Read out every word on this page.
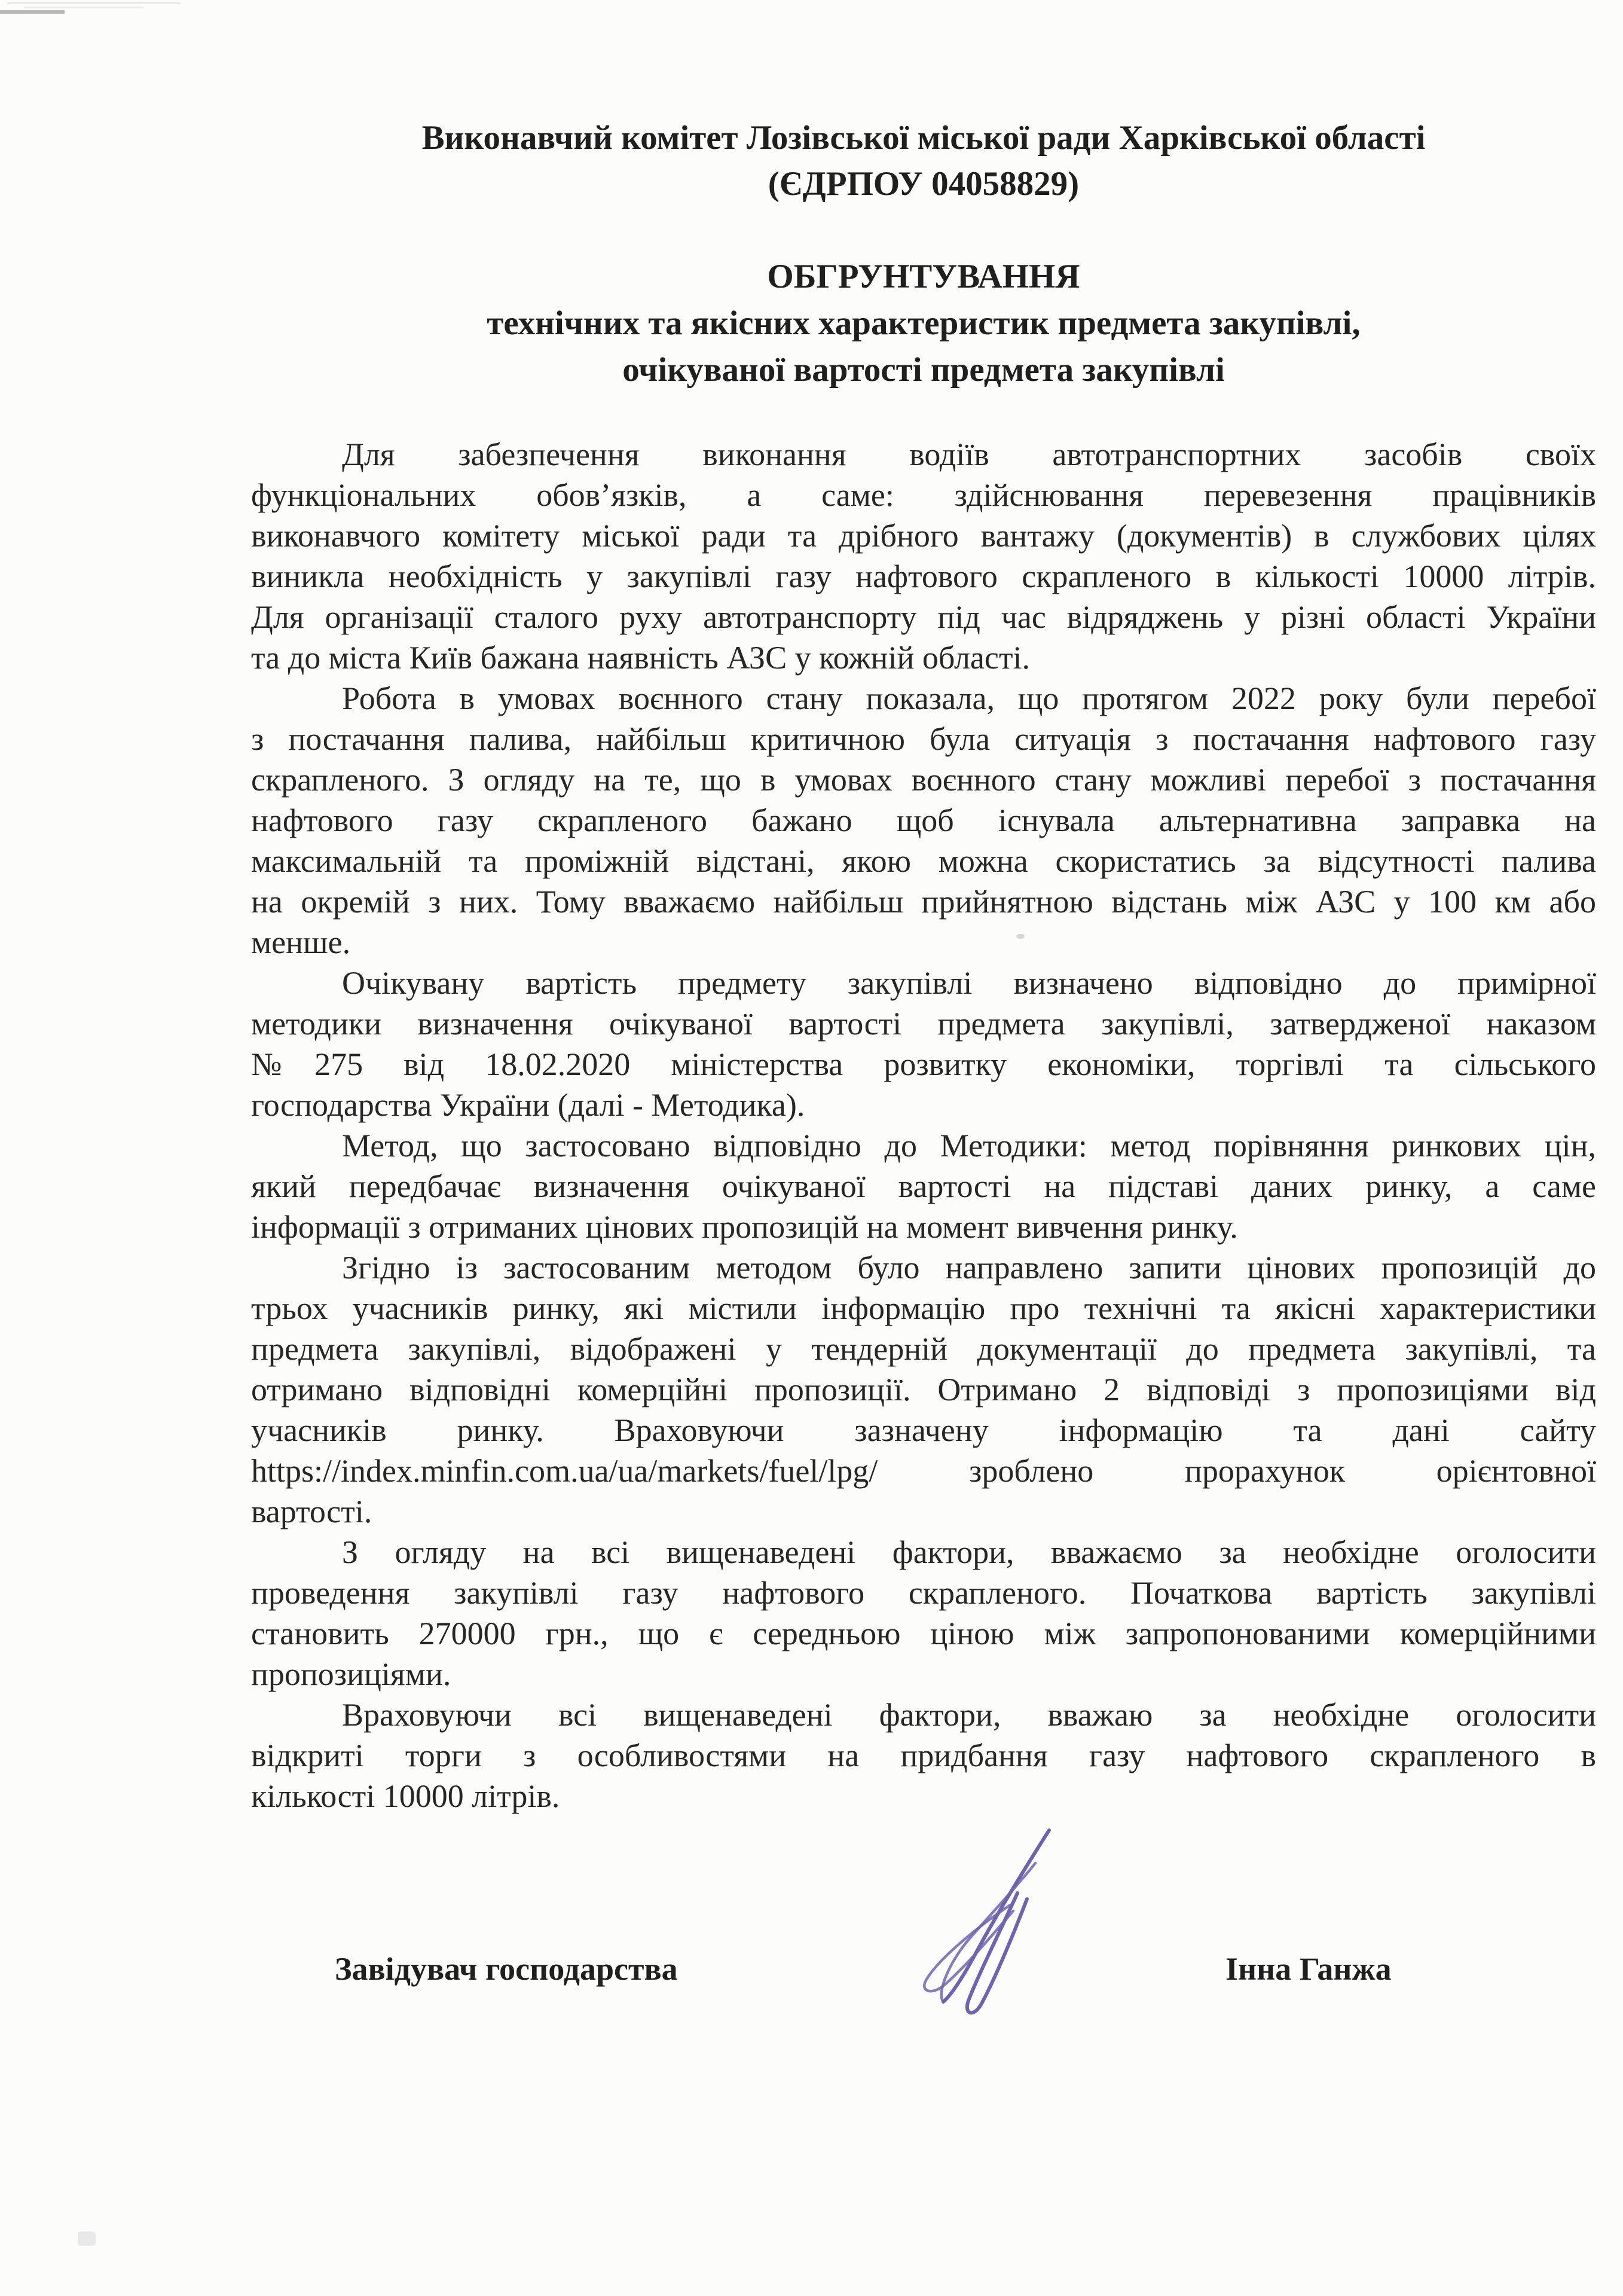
Виконавчий комітет Лозівської міської ради Харківської області
(ЄДРПОУ 04058829)
ОБГРУНТУВАННЯ
технічних та якісних характеристик предмета закупівлі,
очікуваної вартості предмета закупівлі
Для забезпечення виконання водіїв автотранспортних засобів своїх
функціональних обов’язків, а саме: здійснювання перевезення працівників
виконавчого комітету міської ради та дрібного вантажу (документів) в службових цілях
виникла необхідність у закупівлі газу нафтового скрапленого в кількості 10000 літрів.
Для організації сталого руху автотранспорту під час відряджень у різні області України
та до міста Київ бажана наявність АЗС у кожній області.
Робота в умовах воєнного стану показала, що протягом 2022 року були перебої
з постачання палива, найбільш критичною була ситуація з постачання нафтового газу
скрапленого. З огляду на те, що в умовах воєнного стану можливі перебої з постачання
нафтового газу скрапленого бажано щоб існувала альтернативна заправка на
максимальній та проміжній відстані, якою можна скористатись за відсутності палива
на окремій з них. Тому вважаємо найбільш прийнятною відстань між АЗС у 100 км або
менше.
Очікувану вартість предмету закупівлі визначено відповідно до примірної
методики визначення очікуваної вартості предмета закупівлі, затвердженої наказом
№275 від 18.02.2020 міністерства розвитку економіки, торгівлі та сільського
господарства України (далі - Методика).
Метод, що застосовано відповідно до Методики: метод порівняння ринкових цін,
який передбачає визначення очікуваної вартості на підставі даних ринку, а саме
інформації з отриманих цінових пропозицій на момент вивчення ринку.
Згідно із застосованим методом було направлено запити цінових пропозицій до
трьох учасників ринку, які містили інформацію про технічні та якісні характеристики
предмета закупівлі, відображені у тендерній документації до предмета закупівлі, та
отримано відповідні комерційні пропозиції. Отримано 2 відповіді з пропозиціями від
учасників ринку. Враховуючи зазначену інформацію та дані сайту
https://index.minfin.com.ua/ua/markets/fuel/lpg/ зроблено прорахунок орієнтовної
вартості.
З огляду на всі вищенаведені фактори, вважаємо за необхідне оголосити
проведення закупівлі газу нафтового скрапленого. Початкова вартість закупівлі
становить 270000 грн., що є середньою ціною між запропонованими комерційними
пропозиціями.
Враховуючи всі вищенаведені фактори, вважаю за необхідне оголосити
відкриті торги з особливостями на придбання газу нафтового скрапленого в
кількості 10000 літрів.
Завідувач господарства	Інна Ганжа
